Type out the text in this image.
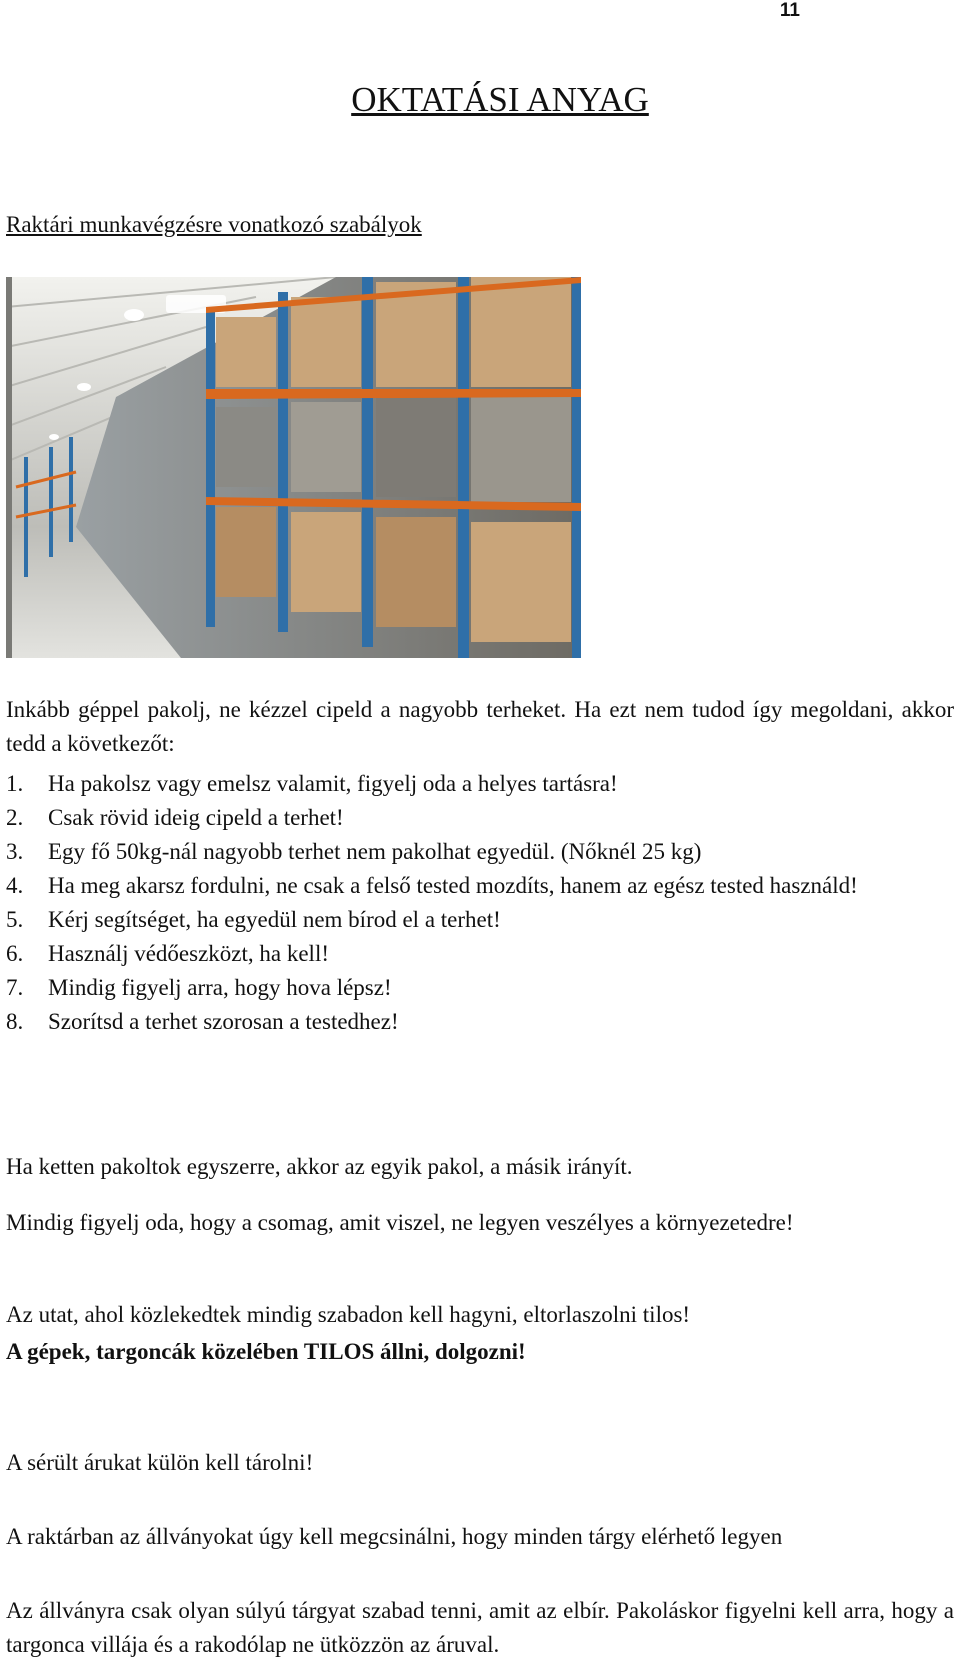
11
OKTATÁSI ANYAG
Raktári munkavégzésre vonatkozó szabályok
Inkább géppel pakolj, ne kézzel cipeld a nagyobb terheket. Ha ezt nem tudod így megoldani, akkor tedd a következőt:
1.	Ha pakolsz vagy emelsz valamit, figyelj oda a helyes tartásra!
2.	Csak rövid ideig cipeld a terhet!
3.	Egy fő 50kg-nál nagyobb terhet nem pakolhat egyedül. (Nőknél 25 kg)
4.	Ha meg akarsz fordulni, ne csak a felső tested mozdíts, hanem az egész tested használd!
5.	Kérj segítséget, ha egyedül nem bírod el a terhet!
6.	Használj védőeszközt, ha kell!
7.	Mindig figyelj arra, hogy hova lépsz!
8.	Szorítsd a terhet szorosan a testedhez!
Ha ketten pakoltok egyszerre, akkor az egyik pakol, a másik irányít.
Mindig figyelj oda, hogy a csomag, amit viszel, ne legyen veszélyes a környezetedre!
Az utat, ahol közlekedtek mindig szabadon kell hagyni, eltorlaszolni tilos!
A gépek, targoncák közelében TILOS állni, dolgozni!
A sérült árukat külön kell tárolni!
A raktárban az állványokat úgy kell megcsinálni, hogy minden tárgy elérhető legyen
Az állványra csak olyan súlyú tárgyat szabad tenni, amit az elbír. Pakoláskor figyelni kell arra, hogy a targonca villája és a rakodólap ne ütközzön az áruval.
